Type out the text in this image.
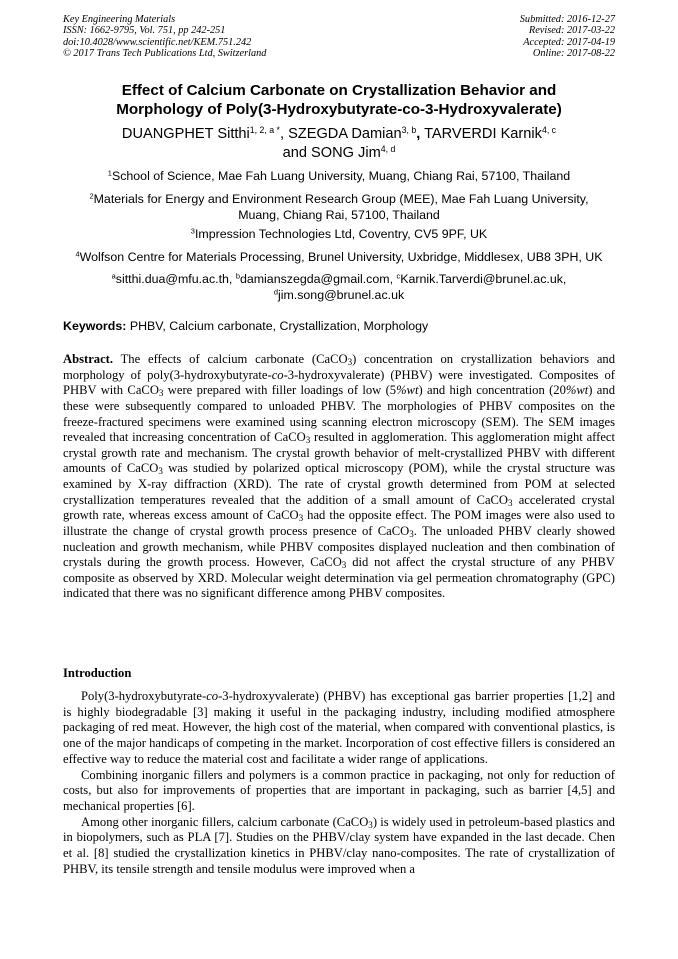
Key Engineering Materials
ISSN: 1662-9795, Vol. 751, pp 242-251
doi:10.4028/www.scientific.net/KEM.751.242
© 2017 Trans Tech Publications Ltd, Switzerland
Submitted: 2016-12-27
Revised: 2017-03-22
Accepted: 2017-04-19
Online: 2017-08-22
Effect of Calcium Carbonate on Crystallization Behavior and
Morphology of Poly(3-Hydroxybutyrate-co-3-Hydroxyvalerate)
DUANGPHET Sitthi$^{1, 2, a *}$, SZEGDA Damian$^{3, b}$, TARVERDI Karnik$^{4, c}$
and SONG Jim$^{4, d}$
$^1$School of Science, Mae Fah Luang University, Muang, Chiang Rai, 57100, Thailand
$^2$Materials for Energy and Environment Research Group (MEE), Mae Fah Luang University,
Muang, Chiang Rai, 57100, Thailand
$^3$Impression Technologies Ltd, Coventry, CV5 9PF, UK
$^4$Wolfson Centre for Materials Processing, Brunel University, Uxbridge, Middlesex, UB8 3PH, UK
$^a$sitthi.dua@mfu.ac.th, $^b$damianszegda@gmail.com, $^c$Karnik.Tarverdi@brunel.ac.uk,
$^d$jim.song@brunel.ac.uk
Keywords: PHBV, Calcium carbonate, Crystallization, Morphology
Abstract. The effects of calcium carbonate (CaCO$_3$) concentration on crystallization behaviors and morphology of poly(3-hydroxybutyrate-co-3-hydroxyvalerate) (PHBV) were investigated. Composites of PHBV with CaCO$_3$ were prepared with filler loadings of low (5%wt) and high concentration (20%wt) and these were subsequently compared to unloaded PHBV. The morphologies of PHBV composites on the freeze-fractured specimens were examined using scanning electron microscopy (SEM). The SEM images revealed that increasing concentration of CaCO$_3$ resulted in agglomeration. This agglomeration might affect crystal growth rate and mechanism. The crystal growth behavior of melt-crystallized PHBV with different amounts of CaCO$_3$ was studied by polarized optical microscopy (POM), while the crystal structure was examined by X-ray diffraction (XRD). The rate of crystal growth determined from POM at selected crystallization temperatures revealed that the addition of a small amount of CaCO$_3$ accelerated crystal growth rate, whereas excess amount of CaCO$_3$ had the opposite effect. The POM images were also used to illustrate the change of crystal growth process presence of CaCO$_3$. The unloaded PHBV clearly showed nucleation and growth mechanism, while PHBV composites displayed nucleation and then combination of crystals during the growth process. However, CaCO$_3$ did not affect the crystal structure of any PHBV composite as observed by XRD. Molecular weight determination via gel permeation chromatography (GPC) indicated that there was no significant difference among PHBV composites.
Introduction

Poly(3-hydroxybutyrate-co-3-hydroxyvalerate) (PHBV) has exceptional gas barrier properties [1,2] and is highly biodegradable [3] making it useful in the packaging industry, including modified atmosphere packaging of red meat. However, the high cost of the material, when compared with conventional plastics, is one of the major handicaps of competing in the market. Incorporation of cost effective fillers is considered an effective way to reduce the material cost and facilitate a wider range of applications.

Combining inorganic fillers and polymers is a common practice in packaging, not only for reduction of costs, but also for improvements of properties that are important in packaging, such as barrier [4,5] and mechanical properties [6].

Among other inorganic fillers, calcium carbonate (CaCO$_3$) is widely used in petroleum-based plastics and in biopolymers, such as PLA [7]. Studies on the PHBV/clay system have expanded in the last decade. Chen et al. [8] studied the crystallization kinetics in PHBV/clay nano-composites. The rate of crystallization of PHBV, its tensile strength and tensile modulus were improved when a
